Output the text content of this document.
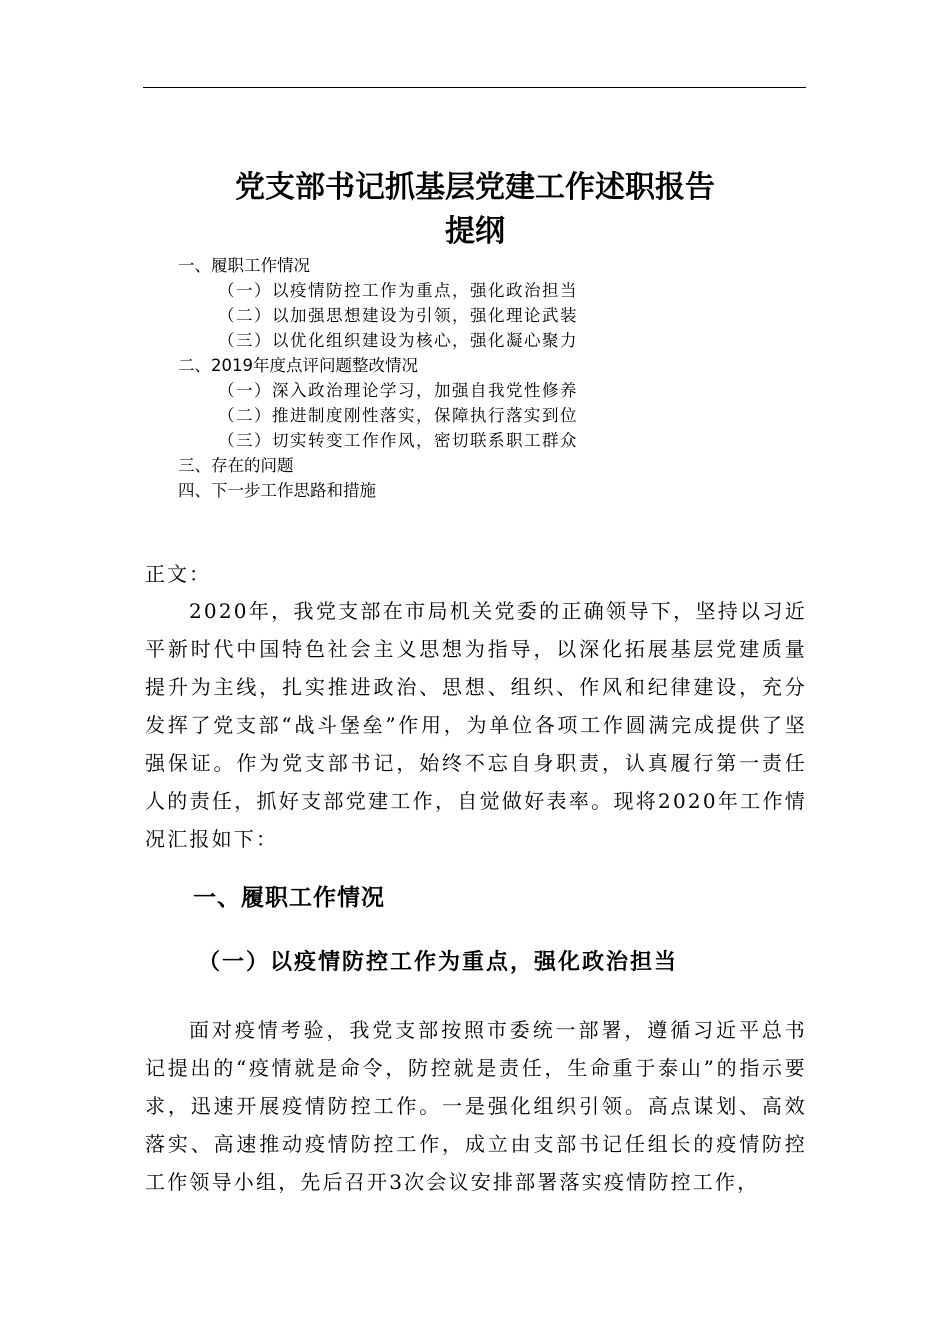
党支部书记抓基层党建工作述职报告
提纲
一、履职工作情况
（一）以疫情防控工作为重点，强化政治担当
（二）以加强思想建设为引领，强化理论武装
（三）以优化组织建设为核心，强化凝心聚力
二、2019年度点评问题整改情况
（一）深入政治理论学习，加强自我党性修养
（二）推进制度刚性落实，保障执行落实到位
（三）切实转变工作作风，密切联系职工群众
三、存在的问题
四、下一步工作思路和措施
正文：
2020年，我党支部在市局机关党委的正确领导下，坚持以习近平新时代中国特色社会主义思想为指导，以深化拓展基层党建质量提升为主线，扎实推进政治、思想、组织、作风和纪律建设，充分发挥了党支部“战斗堡垒”作用，为单位各项工作圆满完成提供了坚强保证。作为党支部书记，始终不忘自身职责，认真履行第一责任人的责任，抓好支部党建工作，自觉做好表率。现将2020年工作情况汇报如下：
一、履职工作情况
（一）以疫情防控工作为重点，强化政治担当
面对疫情考验，我党支部按照市委统一部署，遵循习近平总书记提出的“疫情就是命令，防控就是责任，生命重于泰山”的指示要求，迅速开展疫情防控工作。一是强化组织引领。高点谋划、高效落实、高速推动疫情防控工作，成立由支部书记任组长的疫情防控工作领导小组，先后召开3次会议安排部署落实疫情防控工作，
